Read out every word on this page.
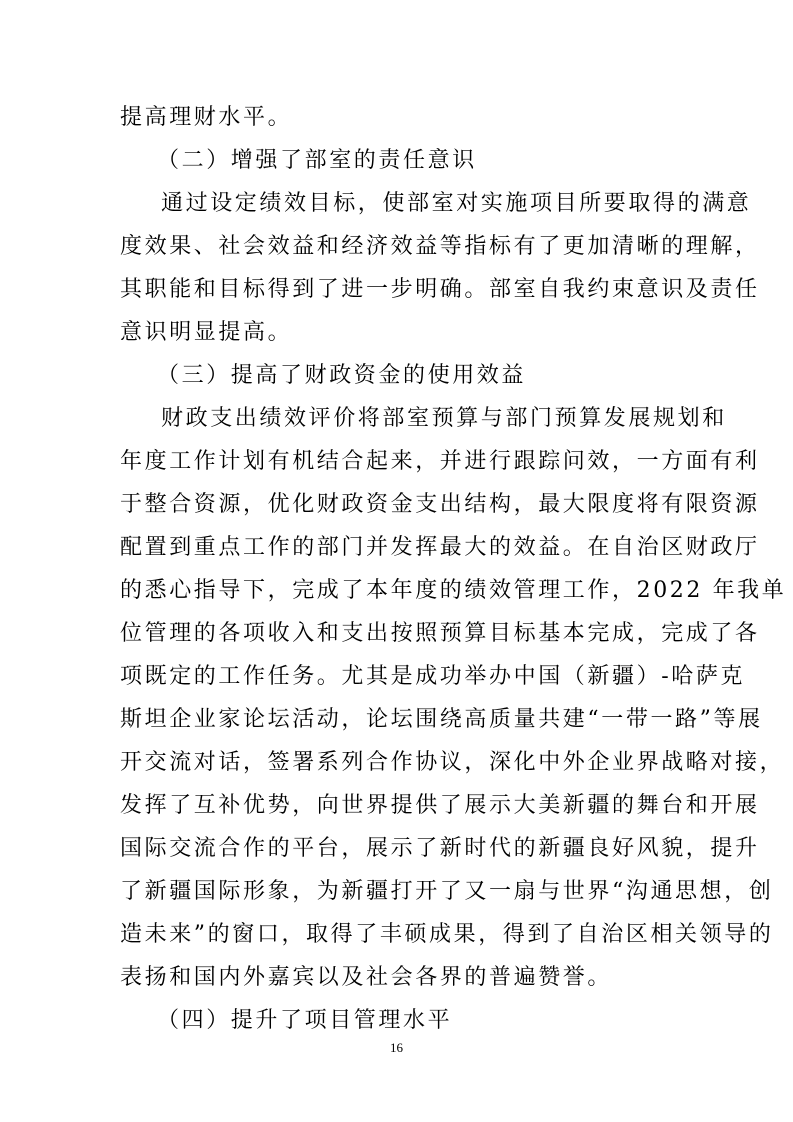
提高理财水平。
（二）增强了部室的责任意识
通过设定绩效目标，使部室对实施项目所要取得的满意
度效果、社会效益和经济效益等指标有了更加清晰的理解，
其职能和目标得到了进一步明确。部室自我约束意识及责任
意识明显提高。
（三）提高了财政资金的使用效益
财政支出绩效评价将部室预算与部门预算发展规划和
年度工作计划有机结合起来，并进行跟踪问效，一方面有利
于整合资源，优化财政资金支出结构，最大限度将有限资源
配置到重点工作的部门并发挥最大的效益。在自治区财政厅
的悉心指导下，完成了本年度的绩效管理工作，2022 年我单
位管理的各项收入和支出按照预算目标基本完成，完成了各
项既定的工作任务。尤其是成功举办中国（新疆）-哈萨克
斯坦企业家论坛活动，论坛围绕高质量共建“一带一路”等展
开交流对话，签署系列合作协议，深化中外企业界战略对接，
发挥了互补优势，向世界提供了展示大美新疆的舞台和开展
国际交流合作的平台，展示了新时代的新疆良好风貌，提升
了新疆国际形象，为新疆打开了又一扇与世界“沟通思想，创
造未来”的窗口，取得了丰硕成果，得到了自治区相关领导的
表扬和国内外嘉宾以及社会各界的普遍赞誉。
（四）提升了项目管理水平
16
